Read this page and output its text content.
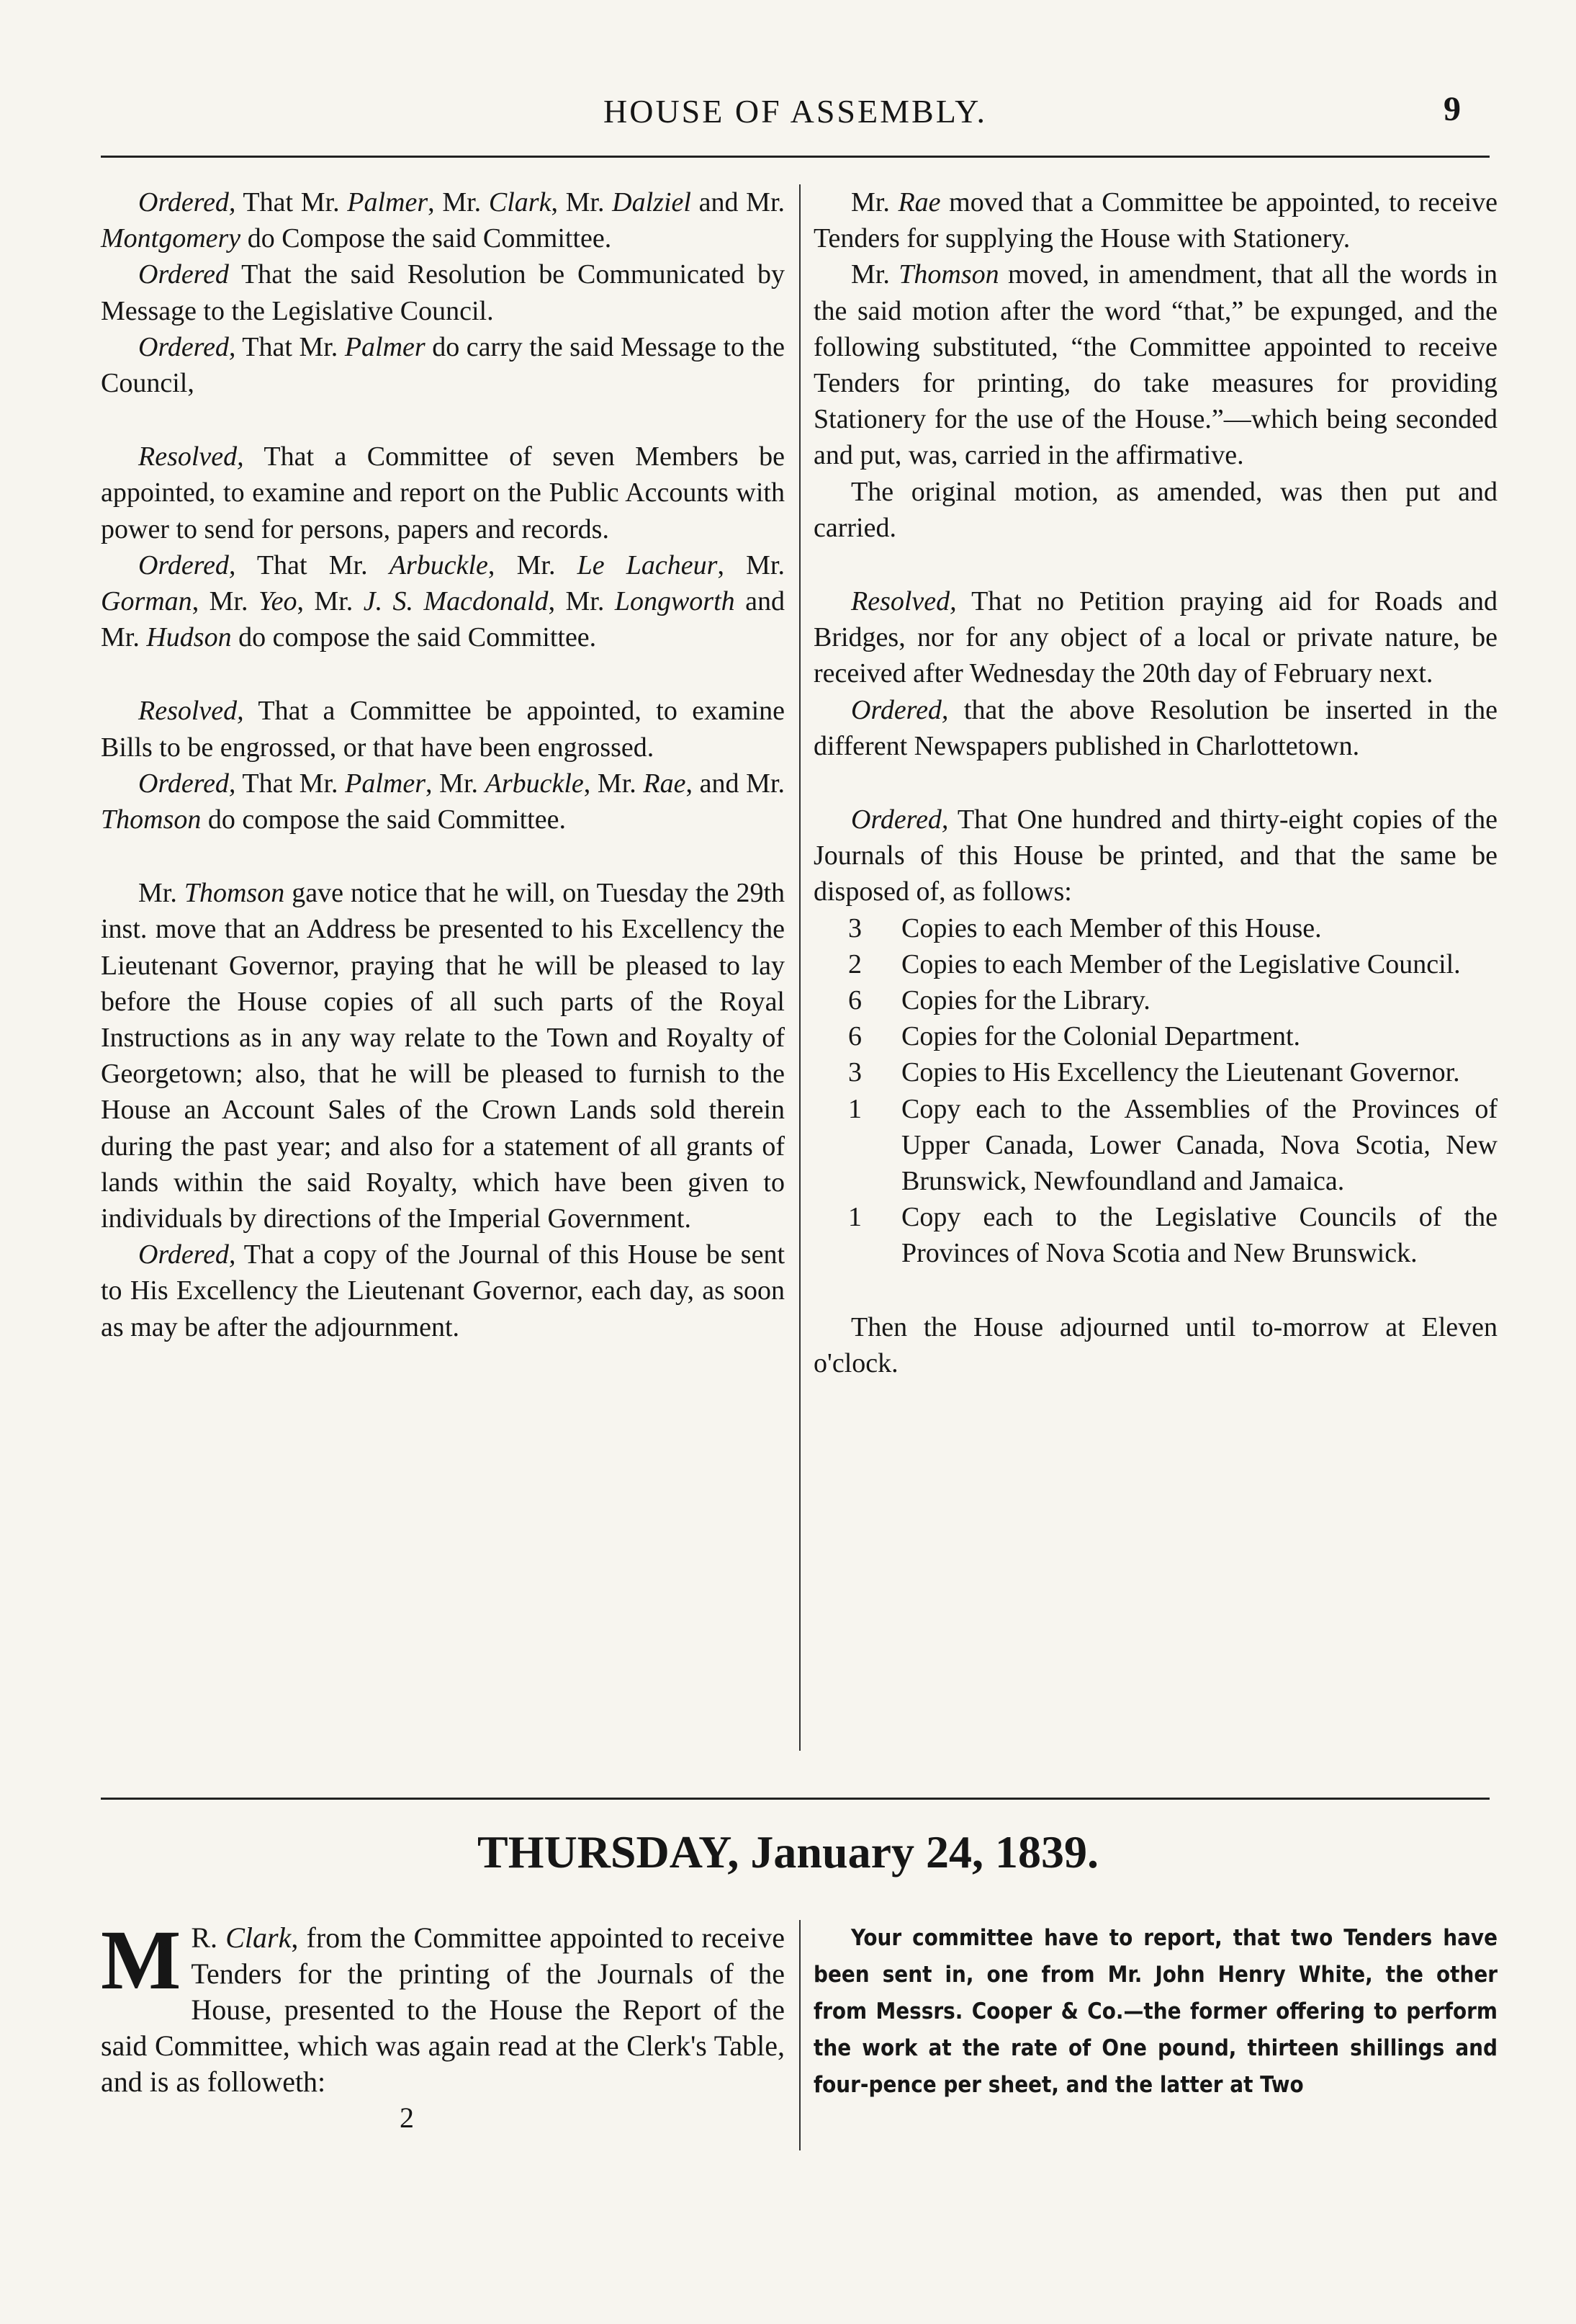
HOUSE OF ASSEMBLY.	9

Ordered, That Mr. Palmer, Mr. Clark, Mr. Dalziel and Mr. Montgomery do Compose the said Committee.

Ordered That the said Resolution be Communicated by Message to the Legislative Council.

Ordered, That Mr. Palmer do carry the said Message to the Council,

Resolved, That a Committee of seven Members be appointed, to examine and report on the Public Accounts with power to send for persons, papers and records.

Ordered, That Mr. Arbuckle, Mr. Le Lacheur, Mr. Gorman, Mr. Yeo, Mr. J. S. Macdonald, Mr. Longworth and Mr. Hudson do compose the said Committee.

Resolved, That a Committee be appointed, to examine Bills to be engrossed, or that have been engrossed.

Ordered, That Mr. Palmer, Mr. Arbuckle, Mr. Rae, and Mr. Thomson do compose the said Committee.

Mr. Thomson gave notice that he will, on Tuesday the 29th inst. move that an Address be presented to his Excellency the Lieutenant Governor, praying that he will be pleased to lay before the House copies of all such parts of the Royal Instructions as in any way relate to the Town and Royalty of Georgetown; also, that he will be pleased to furnish to the House an Account Sales of the Crown Lands sold therein during the past year; and also for a statement of all grants of lands within the said Royalty, which have been given to individuals by directions of the Imperial Government.

Ordered, That a copy of the Journal of this House be sent to His Excellency the Lieutenant Governor, each day, as soon as may be after the adjournment.

Mr. Rae moved that a Committee be appointed, to receive Tenders for supplying the House with Stationery.

Mr. Thomson moved, in amendment, that all the words in the said motion after the word “that,” be expunged, and the following substituted, “the Committee appointed to receive Tenders for printing, do take measures for providing Stationery for the use of the House.”—which being seconded and put, was, carried in the affirmative.

The original motion, as amended, was then put and carried.

Resolved, That no Petition praying aid for Roads and Bridges, nor for any object of a local or private nature, be received after Wednesday the 20th day of February next.

Ordered, that the above Resolution be inserted in the different Newspapers published in Charlottetown.

Ordered, That One hundred and thirty-eight copies of the Journals of this House be printed, and that the same be disposed of, as follows:

3	Copies to each Member of this House.
2	Copies to each Member of the Legislative Council.
6	Copies for the Library.
6	Copies for the Colonial Department.
3	Copies to His Excellency the Lieutenant Governor.
1	Copy each to the Assemblies of the Provinces of Upper Canada, Lower Canada, Nova Scotia, New Brunswick, Newfoundland and Jamaica.
1	Copy each to the Legislative Councils of the Provinces of Nova Scotia and New Brunswick.

Then the House adjourned until to-morrow at Eleven o'clock.

THURSDAY, January 24, 1839.
M R. Clark, from the Committee appointed to receive Tenders for the printing of the Journals of the House, presented to the House the Report of the said Committee, which was again read at the Clerk's Table, and is as followeth:

2

Your committee have to report, that two Tenders have been sent in, one from Mr. John Henry White, the other from Messrs. Cooper & Co.—the former offering to perform the work at the rate of One pound, thirteen shillings and four-pence per sheet, and the latter at Two
